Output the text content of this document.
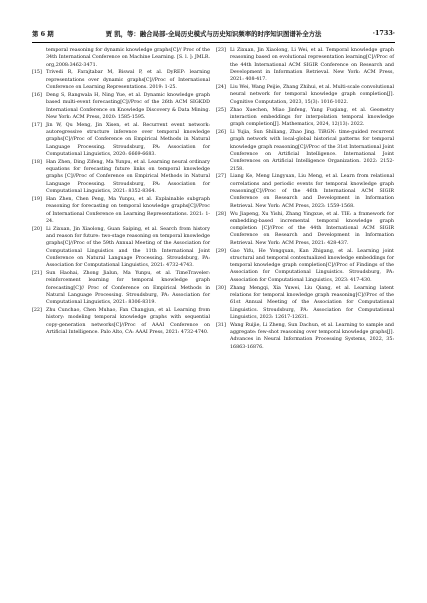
第 6 期	贾 凯，等：融合局部-全局历史模式与历史知识频率的时序知识图谱补全方法	·1733·
temporal reasoning for dynamic knowledge graphs[C]// Proc of the 34th International Conference on Machine Learning. [S. l. ]: JMLR. org,2008:3462-3471.
[15] Trivedi R, Farajtabar M, Biswal P, et al. DyREP: learning representations over dynamic graphs[C]//Proc of International Conference on Learning Representations. 2019: 1-25.
[16] Deng S, Rangwala H, Ning Yue, et al. Dynamic knowledge graph based multi-event forecasting[C]//Proc of the 26th ACM SIGKDD International Conference on Knowledge Discovery & Data Mining. New York: ACM Press, 2020: 1585-1595.
[17] Jin W, Qu Meng, Jin Xisen, et al. Recurrent event network: autoregressive structure inference over temporal knowledge graphs[C]//Proc of Conference on Empirical Methods in Natural Language Processing. Stroudsburg, PA: Association for Computational Linguistics, 2020: 6669-6683.
[18] Han Zhen, Ding Zifeng, Ma Yunpu, et al. Learning neural ordinary equations for forecasting future links on temporal knowledge graphs [C]//Proc of Conference on Empirical Methods in Natural Language Processing. Stroudsburg, PA: Association for Computational Linguistics, 2021: 8352-8364.
[19] Han Zhen, Chen Peng, Ma Yunpu, et al. Explainable subgraph reasoning for forecasting on temporal knowledge graphs[C]//Proc of International Conference on Learning Representations. 2021: 1-24.
[20] Li Zixuan, Jin Xiaolong, Guan Saiping, et al. Search from history and reason for future: two-stage reasoning on temporal knowledge graphs[C]//Proc of the 59th Annual Meeting of the Association for Computational Linguistics and the 11th International Joint Conference on Natural Language Processing. Stroudsburg, PA: Association for Computational Linguistics, 2021: 4732-4743.
[21] Sun Haohai, Zhong Jialun, Ma Yunpu, et al. TimeTraveler: reinforcement learning for temporal knowledge graph forecasting[C]// Proc of Conference on Empirical Methods in Natural Language Processing. Stroudsburg, PA: Association for Computational Linguistics, 2021: 8306-8319.
[22] Zhu Cunchao, Chen Muhao, Fan Changjun, et al. Learning from history: modeling temporal knowledge graphs with sequential copy-generation networks[C]//Proc of AAAI Conference on Artificial Intelligence. Palo Alto, CA: AAAI Press, 2021: 4732-4740.
[23] Li Zixuan, Jin Xiaolong, Li Wei, et al. Temporal knowledge graph reasoning based on evolutional representation learning[C]//Proc of the 44th International ACM SIGIR Conference on Research and Development in Information Retrieval. New York: ACM Press, 2021: 408-417.
[24] Liu Wei, Wang Peijie, Zhang Zhihui, et al. Multi-scale convolutional neural network for temporal knowledge graph completion[J]. Cognitive Computation, 2023, 15(3): 1016-1022.
[25] Zhao Xuechen, Miao Jinfeng, Yang Fuqiang, et al. Geometry interaction embeddings for interpolation temporal knowledge graph completion[J]. Mathematics, 2024, 12(13): 2022.
[26] Li Yujia, Sun Shiliang, Zhao Jing. TiRGN: time-guided recurrent graph network with local-global historical patterns for temporal knowledge graph reasoning[C]//Proc of the 31st International Joint Conference on Artificial Intelligence. International Joint Conferences on Artificial Intelligence Organization. 2022: 2152-2158.
[27] Liang Ke, Meng Lingyuan, Liu Meng, et al. Learn from relational correlations and periodic events for temporal knowledge graph reasoning[C]//Proc of the 46th International ACM SIGIR Conference on Research and Development in Information Retrieval. New York: ACM Press, 2023: 1559-1568.
[28] Wu Jiapeng, Xu Yishi, Zhang Yingxue, et al. TIE: a framework for embedding-based incremental temporal knowledge graph completion [C]//Proc of the 44th International ACM SIGIR Conference on Research and Development in Information Retrieval. New York: ACM Press, 2021: 428-437.
[29] Gao Yifu, He Yongquan, Kan Zhigang, et al. Learning joint structural and temporal contextualized knowledge embeddings for temporal knowledge graph completion[C]//Proc of Findings of the Association for Computational Linguistics. Stroudsburg, PA: Association for Computational Linguistics, 2023: 417-430.
[30] Zhang Mengqi, Xia Yuwei, Liu Qiang, et al. Learning latent relations for temporal knowledge graph reasoning[C]//Proc of the 61st Annual Meeting of the Association for Computational Linguistics. Stroudsburg, PA: Association for Computational Linguistics, 2023: 12617-12631.
[31] Wang Ruijie, Li Zheng, Sun Dachun, et al. Learning to sample and aggregate: few-shot reasoning over temporal knowledge graphs[J]. Advances in Neural Information Processing Systems, 2022, 35: 16863-16876.
